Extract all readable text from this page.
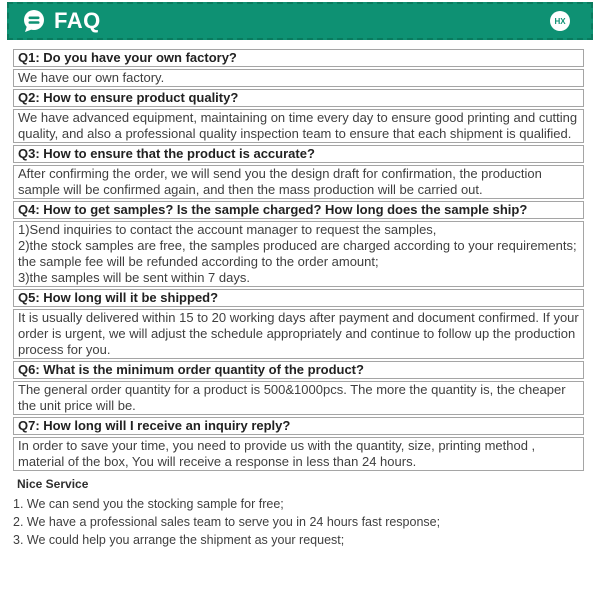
FAQ	HX
Q1: Do you have your own factory?
We have our own factory.
Q2: How to ensure product quality?
We have advanced equipment, maintaining on time every day to ensure good printing and cutting quality, and also a professional quality inspection team to ensure that each shipment is qualified.
Q3: How to ensure that the product is accurate?
After confirming the order, we will send you the design draft for confirmation, the production sample will be confirmed again, and then the mass production will be carried out.
Q4: How to get samples? Is the sample charged? How long does the sample ship?
1)Send inquiries to contact the account manager to request the samples,
2)the stock samples are free, the samples produced are charged according to your requirements; the sample fee will be refunded according to the order amount;
3)the samples will be sent within 7 days.
Q5: How long will it be shipped?
It is usually delivered within 15 to 20 working days after payment and document confirmed. If your order is urgent, we will adjust the schedule appropriately and continue to follow up the production process for you.
Q6: What is the minimum order quantity of the product?
The general order quantity for a product is 500&1000pcs. The more the quantity is, the cheaper the unit price will be.
Q7: How long will I receive an inquiry reply?
In order to save your time, you need to provide us with the quantity, size, printing method , material of the box, You will receive a response in less than 24 hours.
Nice Service
1. We can send you the stocking sample for free;
2. We have a professional sales team to serve you in 24 hours fast response;
3. We could help you arrange the shipment as your request;
